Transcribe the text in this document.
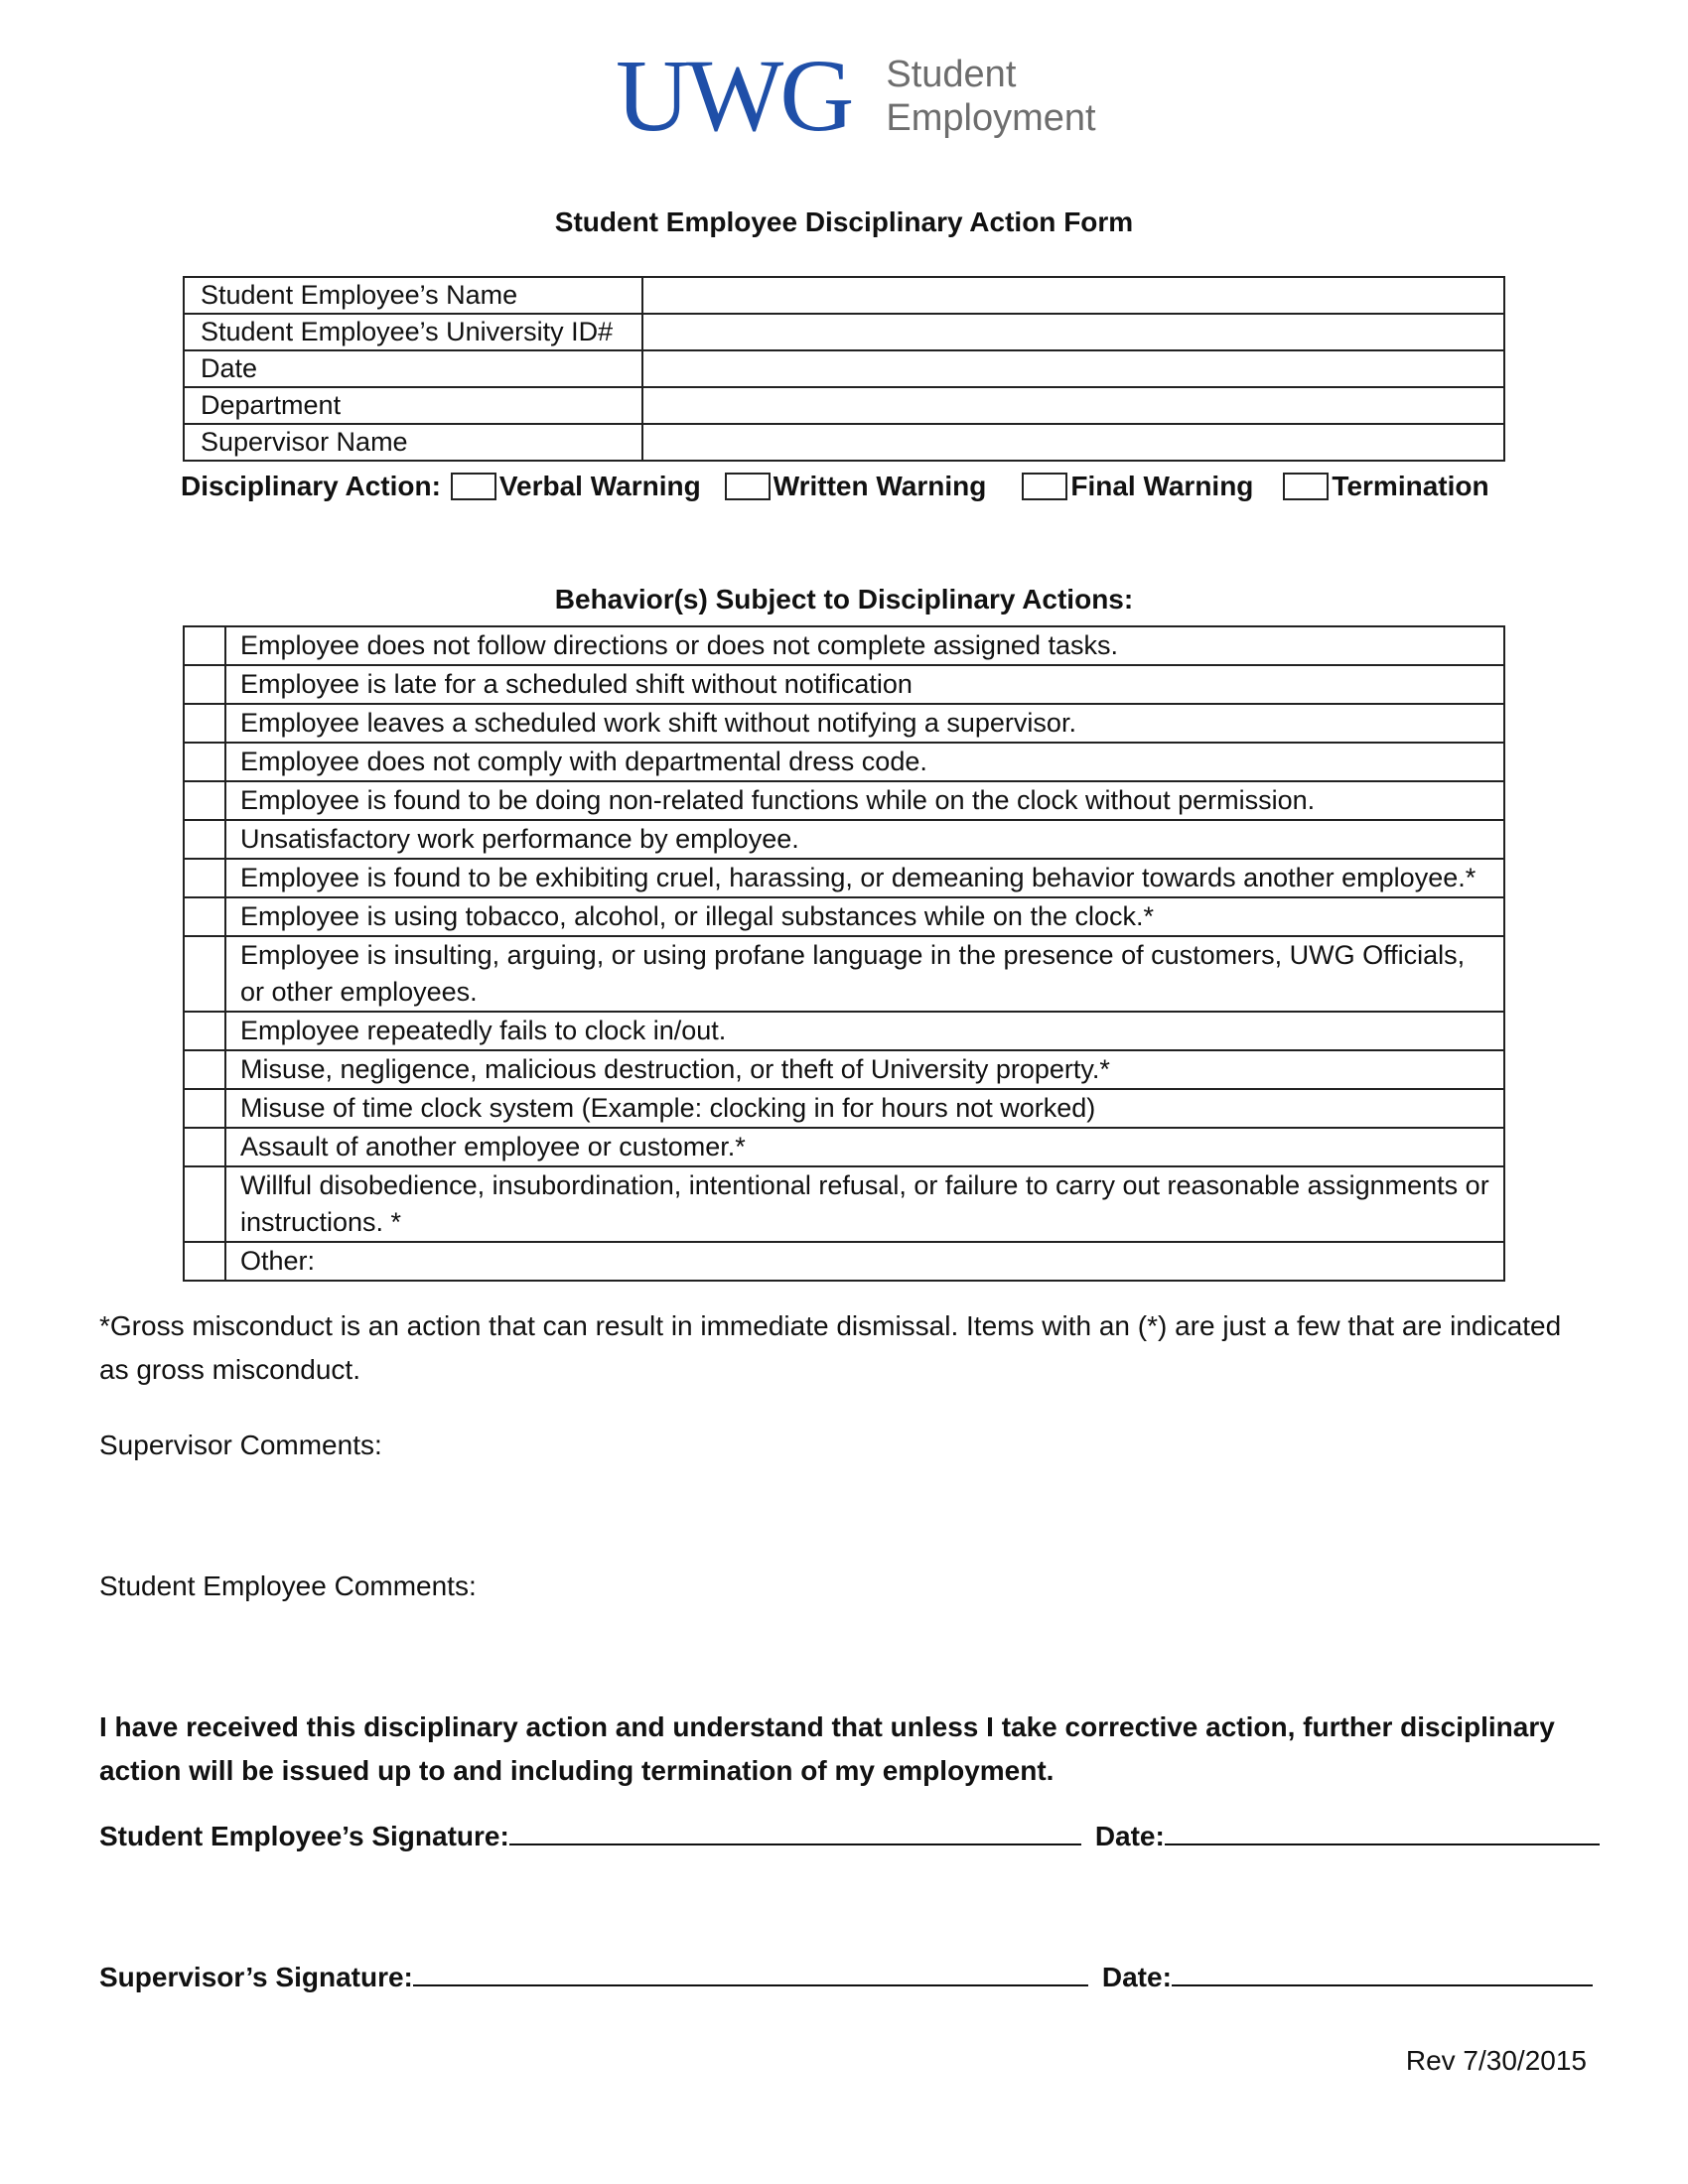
UWG Student
Employment
Student Employee Disciplinary Action Form
Student Employee’s Name	
Student Employee’s University ID#	
Date	
Department	
Supervisor Name	
Disciplinary Action: Verbal Warning	Written Warning	Final Warning	Termination
Behavior(s) Subject to Disciplinary Actions:
	Employee does not follow directions or does not complete assigned tasks.
	Employee is late for a scheduled shift without notification
	Employee leaves a scheduled work shift without notifying a supervisor.
	Employee does not comply with departmental dress code.
	Employee is found to be doing non-related functions while on the clock without permission.
	Unsatisfactory work performance by employee.
	Employee is found to be exhibiting cruel, harassing, or demeaning behavior towards another employee.*
	Employee is using tobacco, alcohol, or illegal substances while on the clock.*
	Employee is insulting, arguing, or using profane language in the presence of customers, UWG Officials, or other employees.
	Employee repeatedly fails to clock in/out.
	Misuse, negligence, malicious destruction, or theft of University property.*
	Misuse of time clock system (Example: clocking in for hours not worked)
	Assault of another employee or customer.*
	Willful disobedience, insubordination, intentional refusal, or failure to carry out reasonable assignments or instructions. *
	Other:
*Gross misconduct is an action that can result in immediate dismissal. Items with an (*) are just a few that are indicated as gross misconduct.
Supervisor Comments:
Student Employee Comments:
I have received this disciplinary action and understand that unless I take corrective action, further disciplinary action will be issued up to and including termination of my employment.
Student Employee’s Signature:	Date:
Supervisor’s Signature:	Date:
Rev 7/30/2015
